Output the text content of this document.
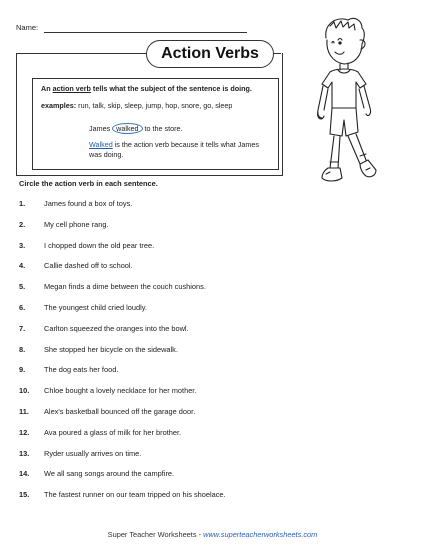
Name:
Action Verbs
An action verb tells what the subject of the sentence is doing.
examples: run, talk, skip, sleep, jump, hop, snore, go, sleep
James walked to the store.
Walked is the action verb because it tells what James was doing.
Circle the action verb in each sentence.
1.	James found a box of toys.
2.	My cell phone rang.
3.	I chopped down the old pear tree.
4.	Callie dashed off to school.
5.	Megan finds a dime between the couch cushions.
6.	The youngest child cried loudly.
7.	Carlton squeezed the oranges into the bowl.
8.	She stopped her bicycle on the sidewalk.
9.	The dog eats her food.
10. Chloe bought a lovely necklace for her mother.
11. Alex's basketball bounced off the garage door.
12. Ava poured a glass of milk for her brother.
13. Ryder usually arrives on time.
14. We all sang songs around the campfire.
15. The fastest runner on our team tripped on his shoelace.
Super Teacher Worksheets - www.superteacherworksheets.com
